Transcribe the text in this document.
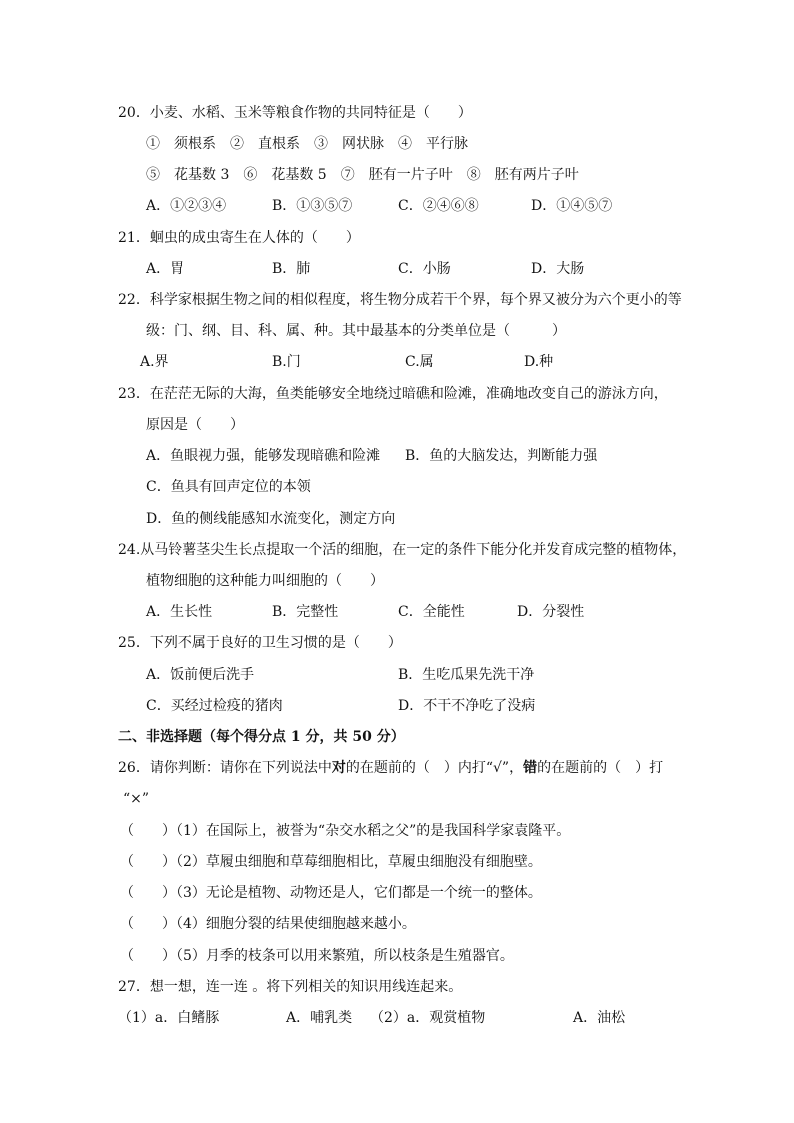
20．小麦、水稻、玉米等粮食作物的共同特征是（　　）
①　须根系　②　直根系　③　网状脉　④　平行脉
⑤　花基数 3　⑥　花基数 5　⑦　胚有一片子叶　⑧　胚有两片子叶
A．①②③④	B．①③⑤⑦	C．②④⑥⑧	D．①④⑤⑦
21．蛔虫的成虫寄生在人体的（　　）
A．胃	B．肺	C．小肠	D．大肠
22．科学家根据生物之间的相似程度，将生物分成若干个界，每个界又被分为六个更小的等
级：门、纲、目、科、属、种。其中最基本的分类单位是（　　　）
A.界	B.门	C.属	D.种
23．在茫茫无际的大海，鱼类能够安全地绕过暗礁和险滩，准确地改变自己的游泳方向，
原因是（　　）
A．鱼眼视力强，能够发现暗礁和险滩 B．鱼的大脑发达，判断能力强
C．鱼具有回声定位的本领
D．鱼的侧线能感知水流变化，测定方向
24.从马铃薯茎尖生长点提取一个活的细胞，在一定的条件下能分化并发育成完整的植物体，
植物细胞的这种能力叫细胞的（　　）
A．生长性	B．完整性	C．全能性	D．分裂性
25．下列不属于良好的卫生习惯的是（　　）
A．饭前便后洗手	B．生吃瓜果先洗干净
C．买经过检疫的猪肉	D．不干不净吃了没病
二、非选择题（每个得分点 1 分，共 50 分）
26．请你判断：请你在下列说法中对的在题前的（　）内打“√”，错的在题前的（　）打
“×”
（　　）（1）在国际上，被誉为“杂交水稻之父”的是我国科学家袁隆平。
（　　）（2）草履虫细胞和草莓细胞相比，草履虫细胞没有细胞壁。
（　　）（3）无论是植物、动物还是人，它们都是一个统一的整体。
（　　）（4）细胞分裂的结果使细胞越来越小。
（　　）（5）月季的枝条可以用来繁殖，所以枝条是生殖器官。
27．想一想，连一连 。将下列相关的知识用线连起来。
（1）a．白鳍豚	A．哺乳类 （2）a．观赏植物	A．油松
